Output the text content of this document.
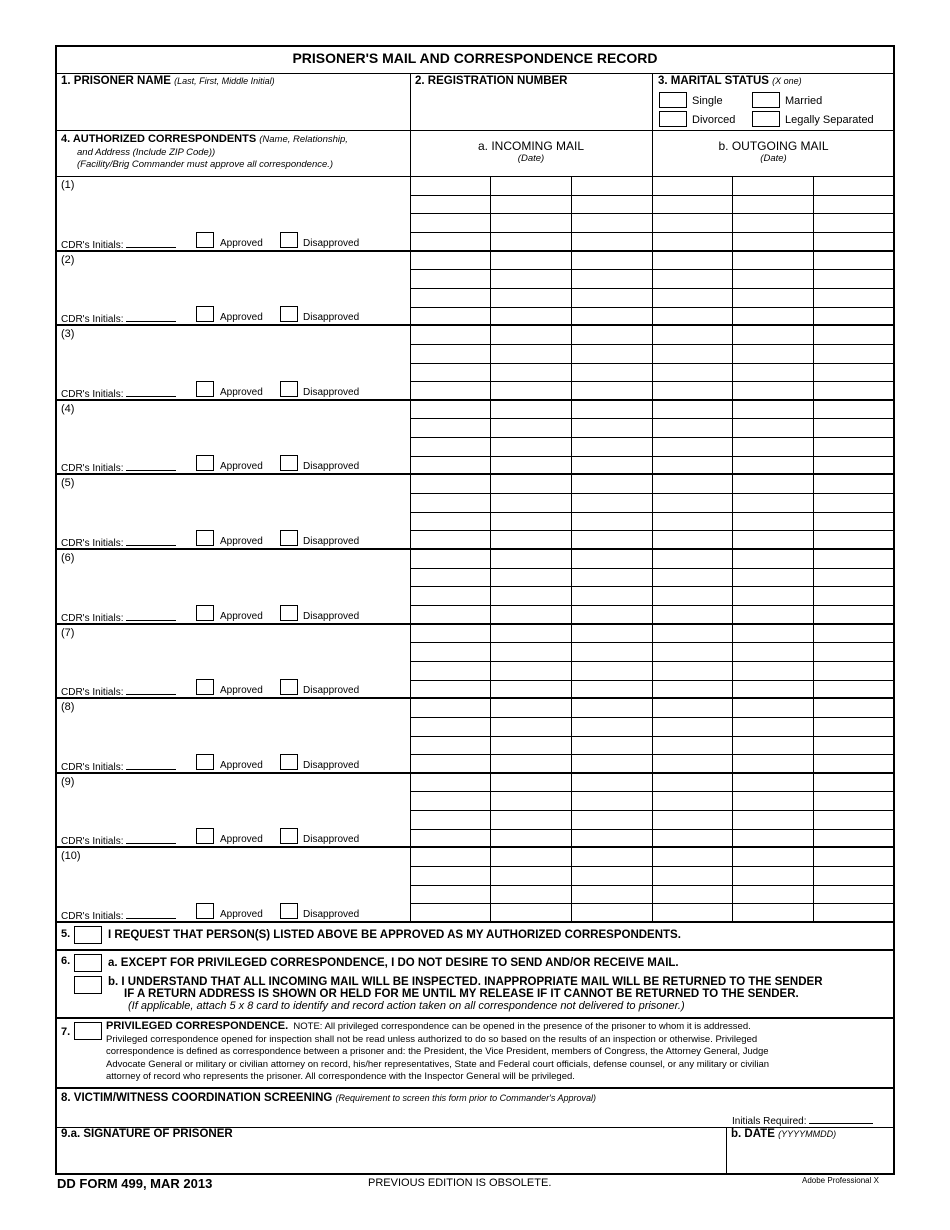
PRISONER'S MAIL AND CORRESPONDENCE RECORD
1. PRISONER NAME (Last, First, Middle Initial)	2. REGISTRATION NUMBER	3. MARITAL STATUS (X one)
Single	Married
Divorced	Legally Separated
4. AUTHORIZED CORRESPONDENTS (Name, Relationship,
and Address (Include ZIP Code))
(Facility/Brig Commander must approve all correspondence.)
a. INCOMING MAIL
(Date)
b. OUTGOING MAIL
(Date)
(1)
CDR's Initials:	Approved	Disapproved
(2)
CDR's Initials:	Approved	Disapproved
(3)
CDR's Initials:	Approved	Disapproved
(4)
CDR's Initials:	Approved	Disapproved
(5)
CDR's Initials:	Approved	Disapproved
(6)
CDR's Initials:	Approved	Disapproved
(7)
CDR's Initials:	Approved	Disapproved
(8)
CDR's Initials:	Approved	Disapproved
(9)
CDR's Initials:	Approved	Disapproved
(10)
CDR's Initials:	Approved	Disapproved
5.	I REQUEST THAT PERSON(S) LISTED ABOVE BE APPROVED AS MY AUTHORIZED CORRESPONDENTS.
6.	a. EXCEPT FOR PRIVILEGED CORRESPONDENCE, I DO NOT DESIRE TO SEND AND/OR RECEIVE MAIL.
b. I UNDERSTAND THAT ALL INCOMING MAIL WILL BE INSPECTED. INAPPROPRIATE MAIL WILL BE RETURNED TO THE SENDER
IF A RETURN ADDRESS IS SHOWN OR HELD FOR ME UNTIL MY RELEASE IF IT CANNOT BE RETURNED TO THE SENDER.
(If applicable, attach 5 x 8 card to identify and record action taken on all correspondence not delivered to prisoner.)
7.	PRIVILEGED CORRESPONDENCE. NOTE: All privileged correspondence can be opened in the presence of the prisoner to whom it is addressed.
Privileged correspondence opened for inspection shall not be read unless authorized to do so based on the results of an inspection or otherwise. Privileged
correspondence is defined as correspondence between a prisoner and: the President, the Vice President, members of Congress, the Attorney General, Judge
Advocate General or military or civilian attorney on record, his/her representatives, State and Federal court officials, defense counsel, or any military or civilian
attorney of record who represents the prisoner. All correspondence with the Inspector General will be privileged.
8. VICTIM/WITNESS COORDINATION SCREENING (Requirement to screen this form prior to Commander's Approval)
Initials Required:
9.a. SIGNATURE OF PRISONER	b. DATE (YYYYMMDD)
DD FORM 499, MAR 2013	PREVIOUS EDITION IS OBSOLETE.	Adobe Professional X
